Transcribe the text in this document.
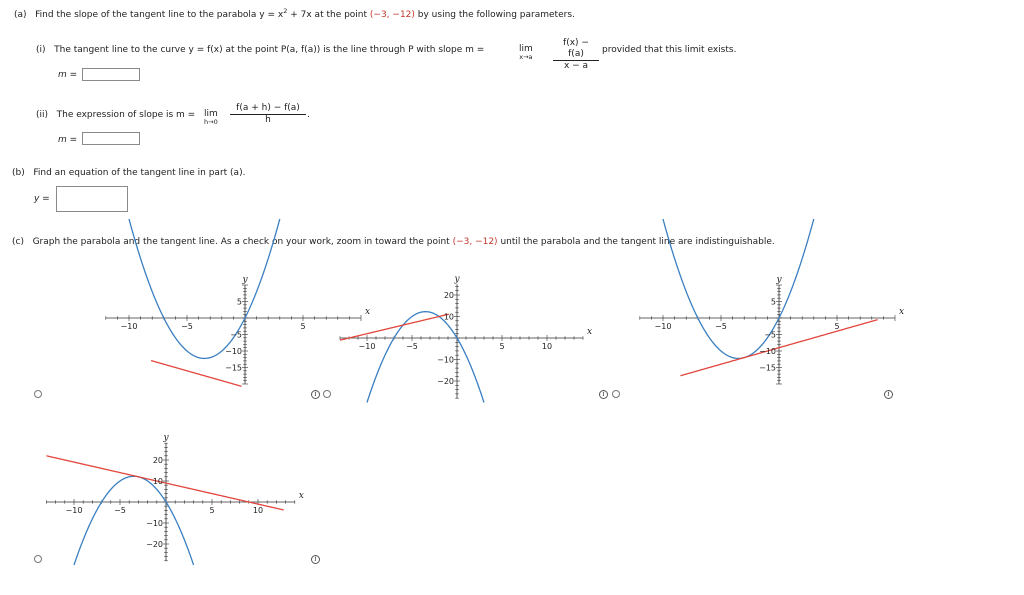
(a) Find the slope of the tangent line to the parabola $y = x^2 + 7x$ at the point (−3, −12) by using the following parameters.
(i) The tangent line to the curve y = f(x) at the point P(a, f(a)) is the line through P with slope m =	lim
$x\to a \frac{f(x) - f(a)}{x - a}$ provided that this limit exists.
m =
(ii) The expression of slope is m = lim
$h\to 0 \frac{f(a + h) - f(a)}{h}$ .
m =
(b) Find an equation of the tangent line in part (a).
y =
(c) Graph the parabola and the tangent line. As a check on your work, zoom in toward the point (−3, −12) until the parabola and the tangent line are indistinguishable.
−10	−5	5
5
−5
−10
−15
x
y
−10	−5	5	10
20
10
−10
−20
x
y
−10	−5	5
5
−5
−10
−15
x
y
−10	−5	5	10
20
10
−10
−20
x
y
i	i	i
i
